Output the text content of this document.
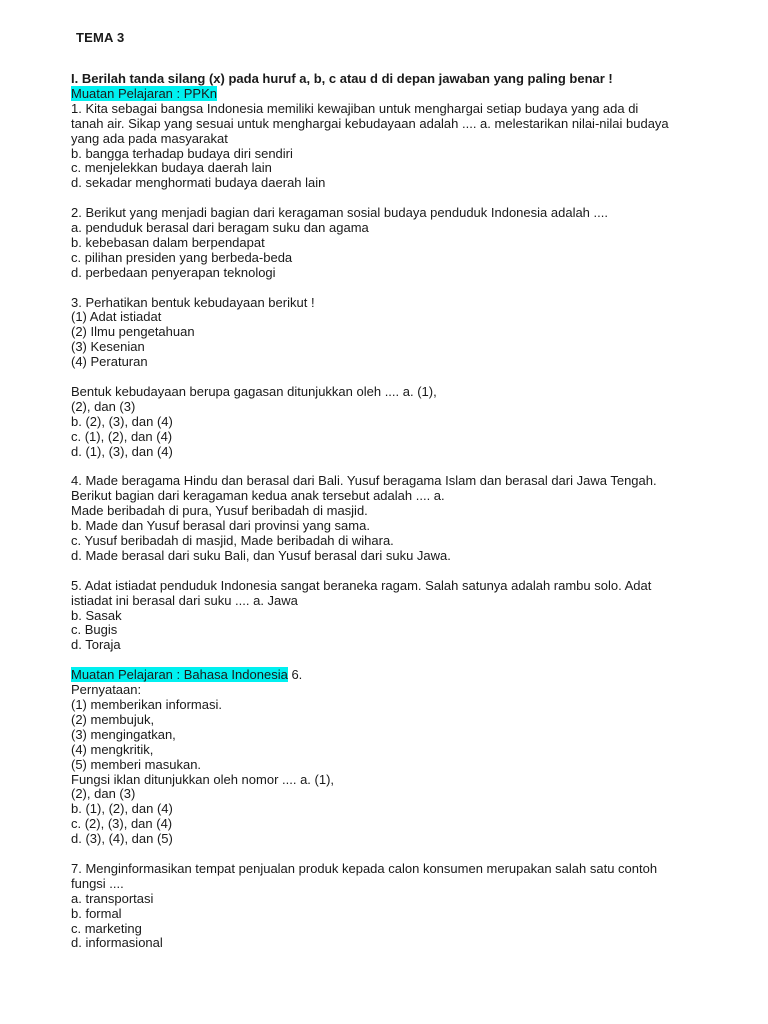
TEMA 3
I. Berilah tanda silang (x) pada huruf a, b, c atau d di depan jawaban yang paling benar !
Muatan Pelajaran : PPKn
1. Kita sebagai bangsa Indonesia memiliki kewajiban untuk menghargai setiap budaya yang ada di
tanah air. Sikap yang sesuai untuk menghargai kebudayaan adalah .... a. melestarikan nilai-nilai budaya
yang ada pada masyarakat
b. bangga terhadap budaya diri sendiri
c. menjelekkan budaya daerah lain
d. sekadar menghormati budaya daerah lain
2. Berikut yang menjadi bagian dari keragaman sosial budaya penduduk Indonesia adalah ....
a. penduduk berasal dari beragam suku dan agama
b. kebebasan dalam berpendapat
c. pilihan presiden yang berbeda-beda
d. perbedaan penyerapan teknologi
3. Perhatikan bentuk kebudayaan berikut !
(1) Adat istiadat
(2) Ilmu pengetahuan
(3) Kesenian
(4) Peraturan
Bentuk kebudayaan berupa gagasan ditunjukkan oleh .... a. (1),
(2), dan (3)
b. (2), (3), dan (4)
c. (1), (2), dan (4)
d. (1), (3), dan (4)
4. Made beragama Hindu dan berasal dari Bali. Yusuf beragama Islam dan berasal dari Jawa Tengah.
Berikut bagian dari keragaman kedua anak tersebut adalah .... a.
Made beribadah di pura, Yusuf beribadah di masjid.
b. Made dan Yusuf berasal dari provinsi yang sama.
c. Yusuf beribadah di masjid, Made beribadah di wihara.
d. Made berasal dari suku Bali, dan Yusuf berasal dari suku Jawa.
5. Adat istiadat penduduk Indonesia sangat beraneka ragam. Salah satunya adalah rambu solo. Adat
istiadat ini berasal dari suku .... a. Jawa
b. Sasak
c. Bugis
d. Toraja
Muatan Pelajaran : Bahasa Indonesia 6.
Pernyataan:
(1) memberikan informasi.
(2) membujuk,
(3) mengingatkan,
(4) mengkritik,
(5) memberi masukan.
Fungsi iklan ditunjukkan oleh nomor .... a. (1),
(2), dan (3)
b. (1), (2), dan (4)
c. (2), (3), dan (4)
d. (3), (4), dan (5)
7. Menginformasikan tempat penjualan produk kepada calon konsumen merupakan salah satu contoh
fungsi ....
a. transportasi
b. formal
c. marketing
d. informasional
